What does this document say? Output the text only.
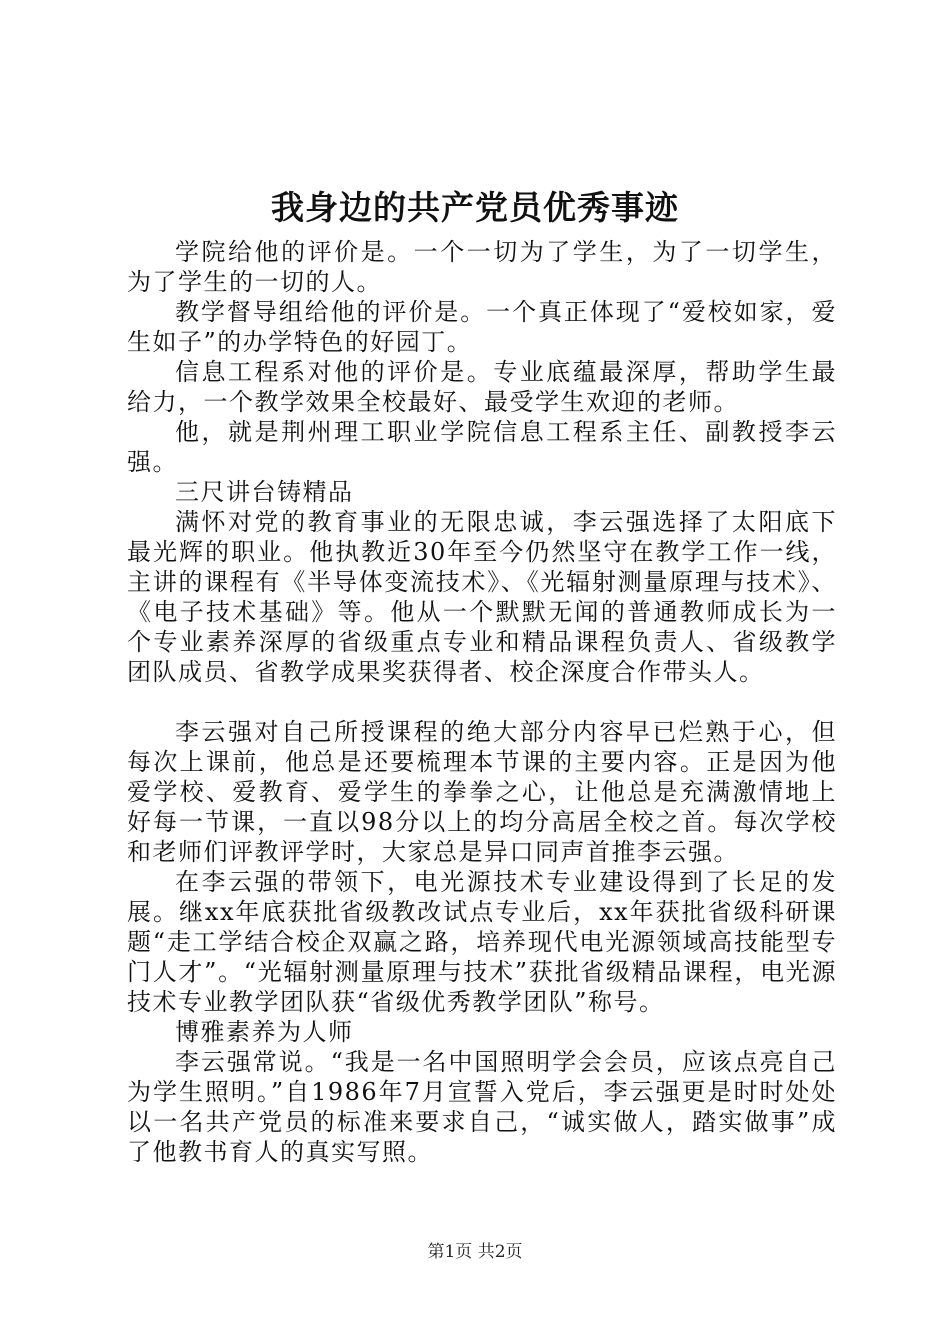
我身边的共产党员优秀事迹

学院给他的评价是。一个一切为了学生，为了一切学生，为了学生的一切的人。

教学督导组给他的评价是。一个真正体现了“爱校如家，爱生如子”的办学特色的好园丁。

信息工程系对他的评价是。专业底蕴最深厚，帮助学生最给力，一个教学效果全校最好、最受学生欢迎的老师。

他，就是荆州理工职业学院信息工程系主任、副教授李云强。

三尺讲台铸精品

满怀对党的教育事业的无限忠诚，李云强选择了太阳底下最光辉的职业。他执教近30年至今仍然坚守在教学工作一线，主讲的课程有《半导体变流技术》、《光辐射测量原理与技术》、《电子技术基础》等。他从一个默默无闻的普通教师成长为一个专业素养深厚的省级重点专业和精品课程负责人、省级教学团队成员、省教学成果奖获得者、校企深度合作带头人。

李云强对自己所授课程的绝大部分内容早已烂熟于心，但每次上课前，他总是还要梳理本节课的主要内容。正是因为他爱学校、爱教育、爱学生的拳拳之心，让他总是充满激情地上好每一节课，一直以98分以上的均分高居全校之首。每次学校和老师们评教评学时，大家总是异口同声首推李云强。

在李云强的带领下，电光源技术专业建设得到了长足的发展。继xx年底获批省级教改试点专业后，xx年获批省级科研课题“走工学结合校企双赢之路，培养现代电光源领域高技能型专门人才”。“光辐射测量原理与技术”获批省级精品课程，电光源技术专业教学团队获“省级优秀教学团队”称号。

博雅素养为人师

李云强常说。“我是一名中国照明学会会员，应该点亮自己为学生照明。”自1986年7月宣誓入党后，李云强更是时时处处以一名共产党员的标准来要求自己，“诚实做人，踏实做事”成了他教书育人的真实写照。

第1页 共2页
